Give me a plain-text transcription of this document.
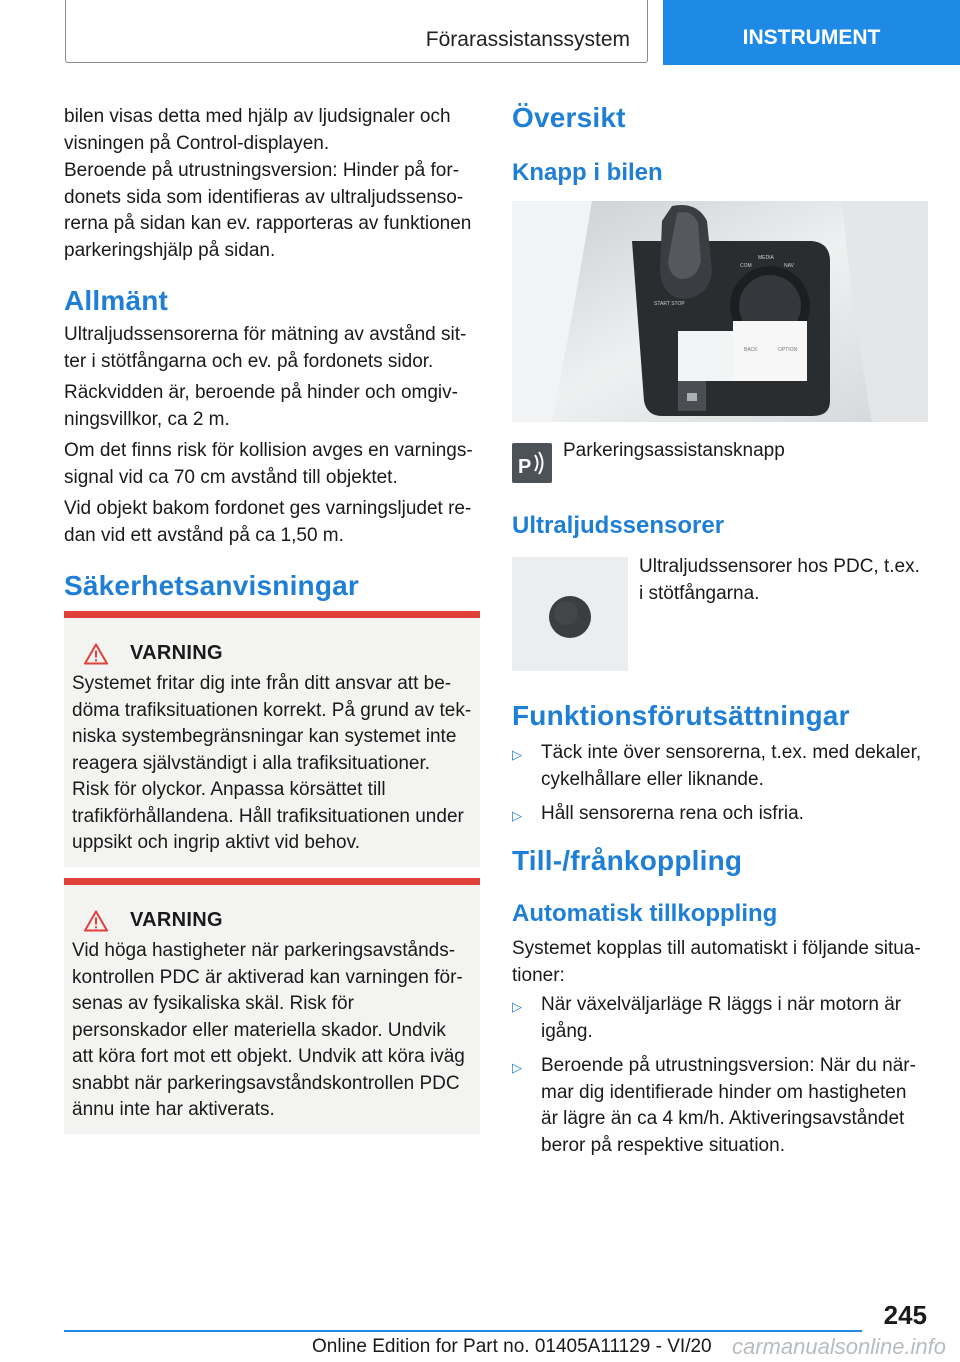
Förarassistanssystem	INSTRUMENT

bilen visas detta med hjälp av ljudsignaler och visningen på Control-displayen.

Beroende på utrustningsversion: Hinder på fordonets sida som identifieras av ultraljudssensorerna på sidan kan ev. rapporteras av funktionen parkeringshjälp på sidan.

Allmänt

Ultraljudssensorerna för mätning av avstånd sitter i stötfångarna och ev. på fordonets sidor.

Räckvidden är, beroende på hinder och omgivningsvillkor, ca 2 m.

Om det finns risk för kollision avges en varningssignal vid ca 70 cm avstånd till objektet.

Vid objekt bakom fordonet ges varningsljudet redan vid ett avstånd på ca 1,50 m.

Säkerhetsanvisningar
VARNING

Systemet fritar dig inte från ditt ansvar att bedöma trafiksituationen korrekt. På grund av tekniska systembegränsningar kan systemet inte reagera självständigt i alla trafiksituationer. Risk för olyckor. Anpassa körsättet till trafikförhållandena. Håll trafiksituationen under uppsikt och ingrip aktivt vid behov.

VARNING

Vid höga hastigheter när parkeringsavståndskontrollen PDC är aktiverad kan varningen försenas av fysikaliska skäl. Risk för personskador eller materiella skador. Undvik att köra fort mot ett objekt. Undvik att köra iväg snabbt när parkeringsavståndskontrollen PDC ännu inte har aktiverats.

Översikt
Knapp i bilen
START STOP
COM
MEDIA
NAV
BACK	OPTION
P

Parkeringsassistansknapp

Ultraljudssensorer

Ultraljudssensorer hos PDC, t.ex. i stötfångarna.

Funktionsförutsättningar
▷	Täck inte över sensorerna, t.ex. med dekaler, cykelhållare eller liknande.
▷	Håll sensorerna rena och isfria.
Till-/frånkoppling
Automatisk tillkoppling

Systemet kopplas till automatiskt i följande situationer:

▷	När växelväljarläge R läggs i när motorn är igång.
▷	Beroende på utrustningsversion: När du närmar dig identifierade hinder om hastigheten är lägre än ca 4 km/h. Aktiveringsavståndet beror på respektive situation.
245
Online Edition for Part no. 01405A11129 - VI/20 carmanualsonline.info
